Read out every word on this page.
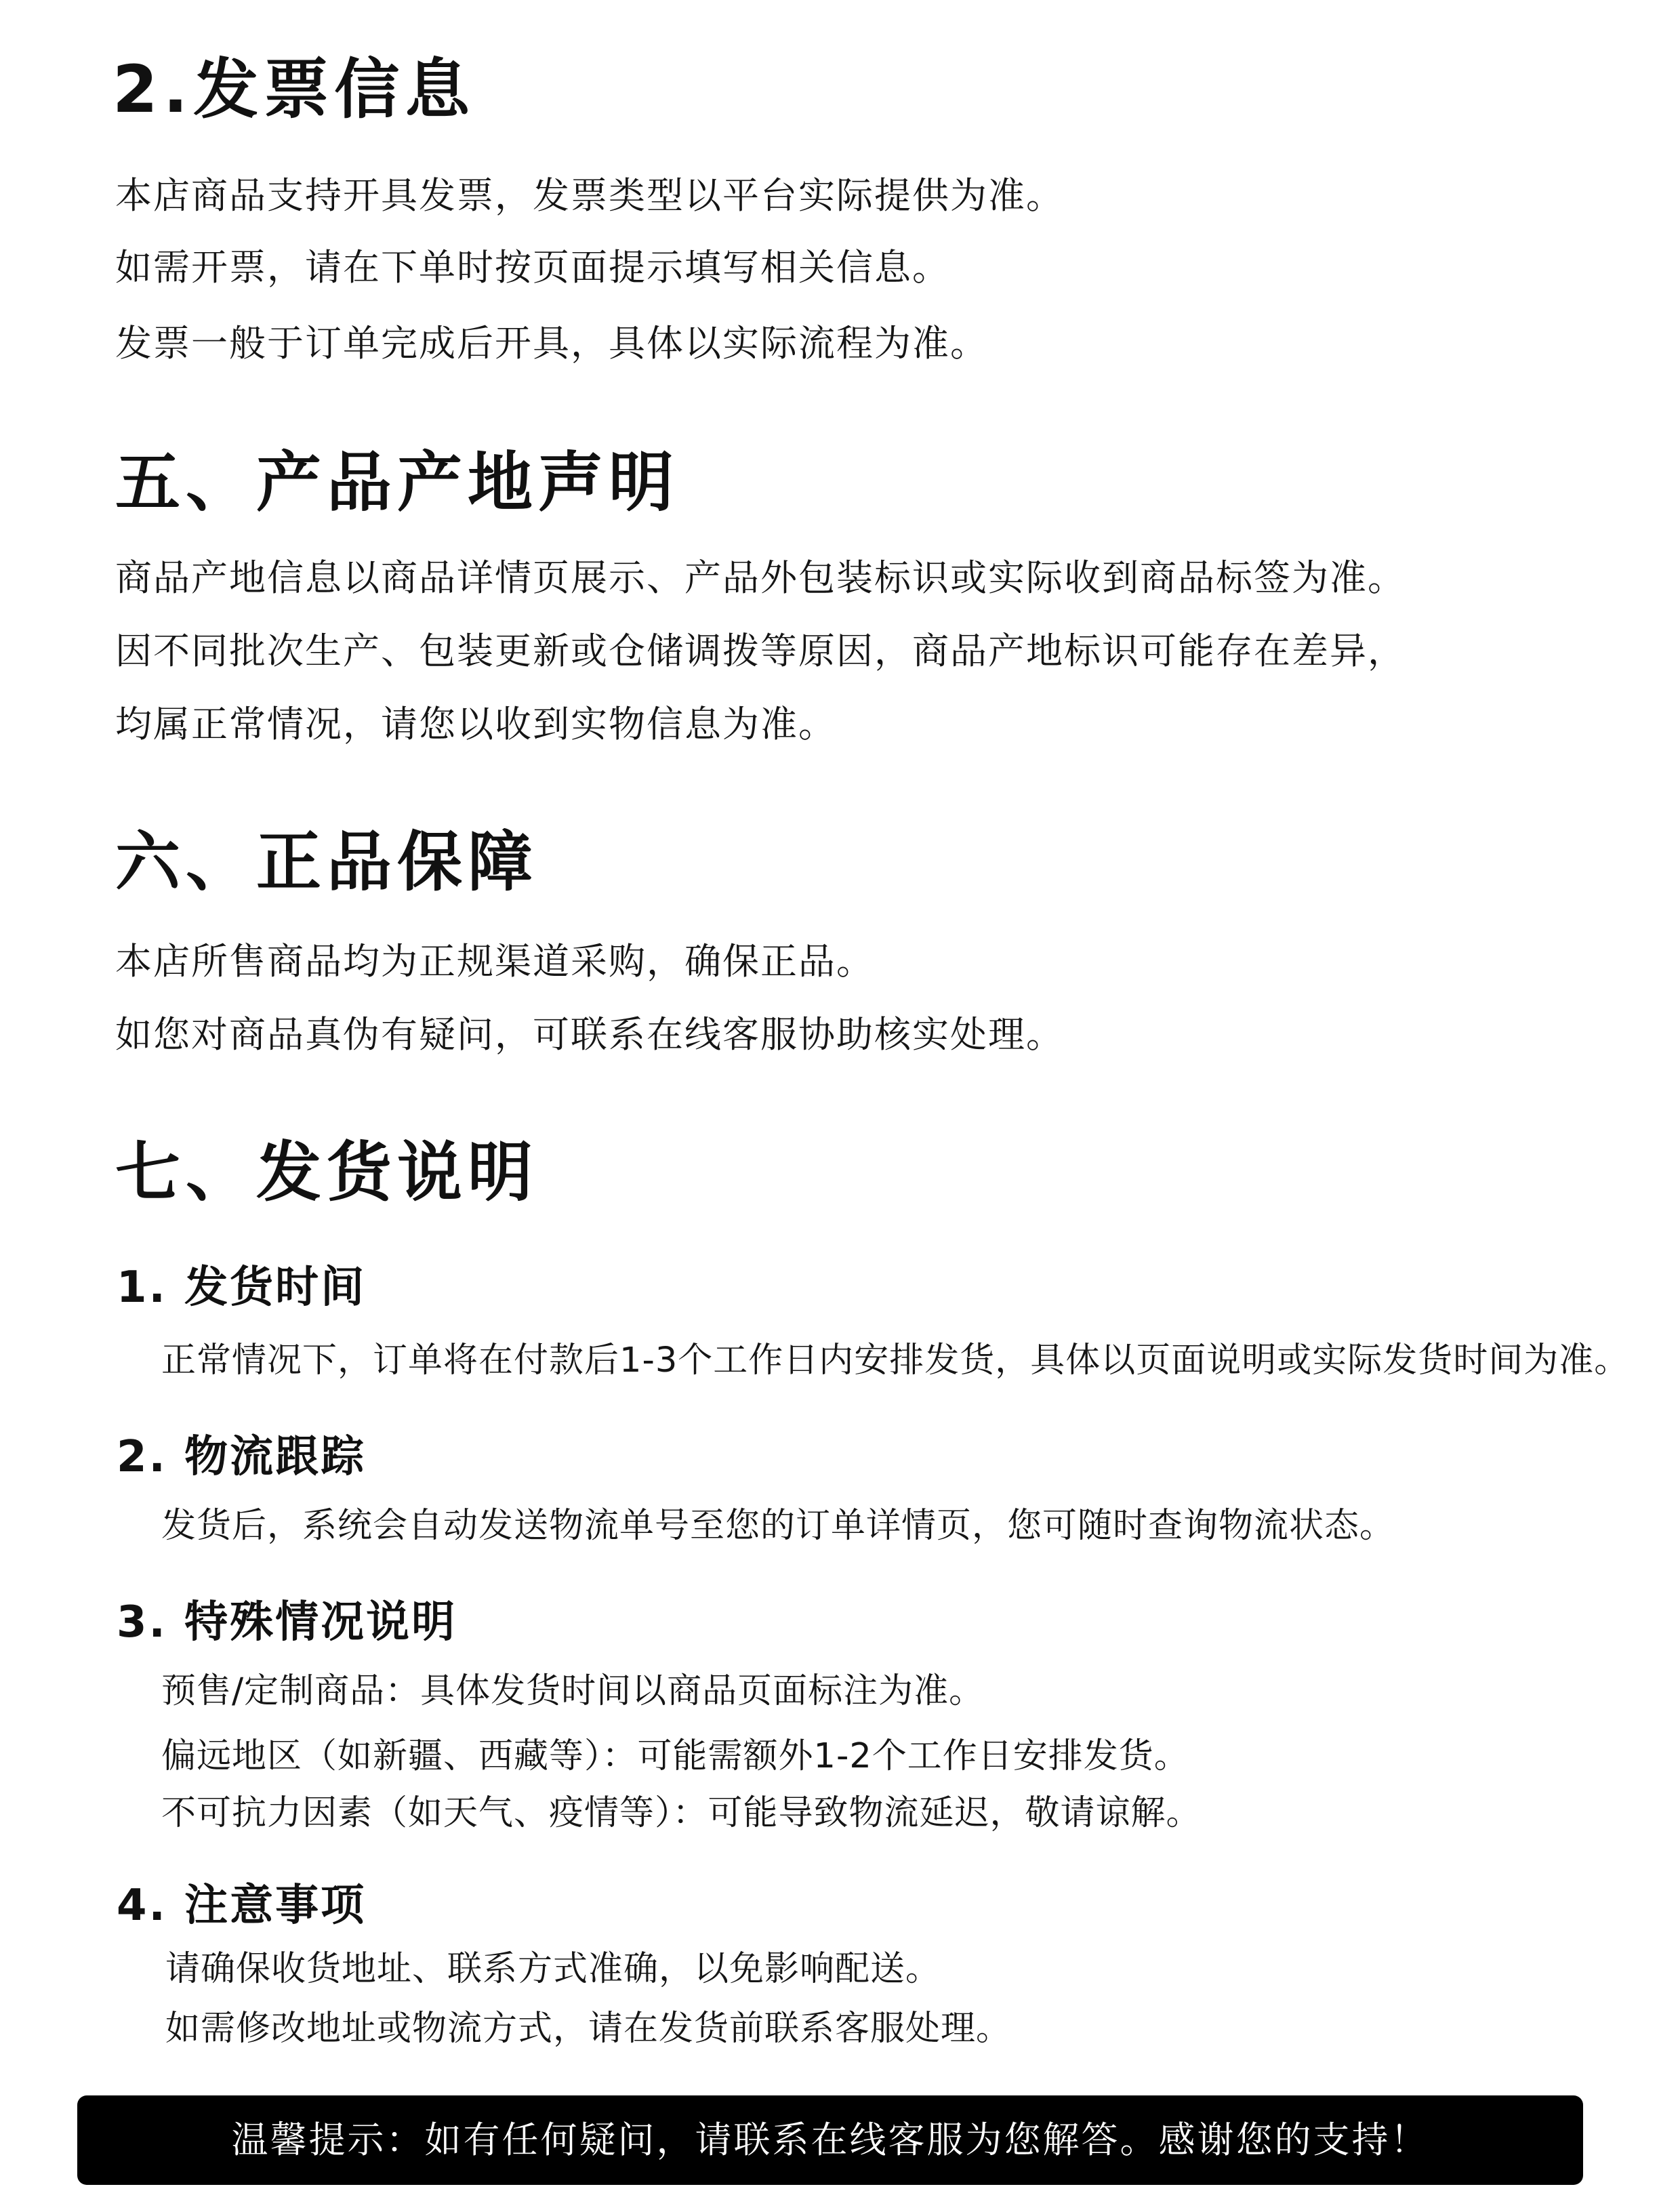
2.发票信息
本店商品支持开具发票，发票类型以平台实际提供为准。
如需开票，请在下单时按页面提示填写相关信息。
发票一般于订单完成后开具，具体以实际流程为准。
五、产品产地声明
商品产地信息以商品详情页展示、产品外包装标识或实际收到商品标签为准。
因不同批次生产、包装更新或仓储调拨等原因，商品产地标识可能存在差异，
均属正常情况，请您以收到实物信息为准。
六、正品保障
本店所售商品均为正规渠道采购，确保正品。
如您对商品真伪有疑问，可联系在线客服协助核实处理。
七、发货说明
1. 发货时间
正常情况下，订单将在付款后1-3个工作日内安排发货，具体以页面说明或实际发货时间为准。
2. 物流跟踪
发货后，系统会自动发送物流单号至您的订单详情页，您可随时查询物流状态。
3. 特殊情况说明
预售/定制商品：具体发货时间以商品页面标注为准。
偏远地区（如新疆、西藏等）：可能需额外1-2个工作日安排发货。
不可抗力因素（如天气、疫情等）：可能导致物流延迟，敬请谅解。
4. 注意事项
请确保收货地址、联系方式准确，以免影响配送。
如需修改地址或物流方式，请在发货前联系客服处理。
温馨提示：如有任何疑问，请联系在线客服为您解答。感谢您的支持！
